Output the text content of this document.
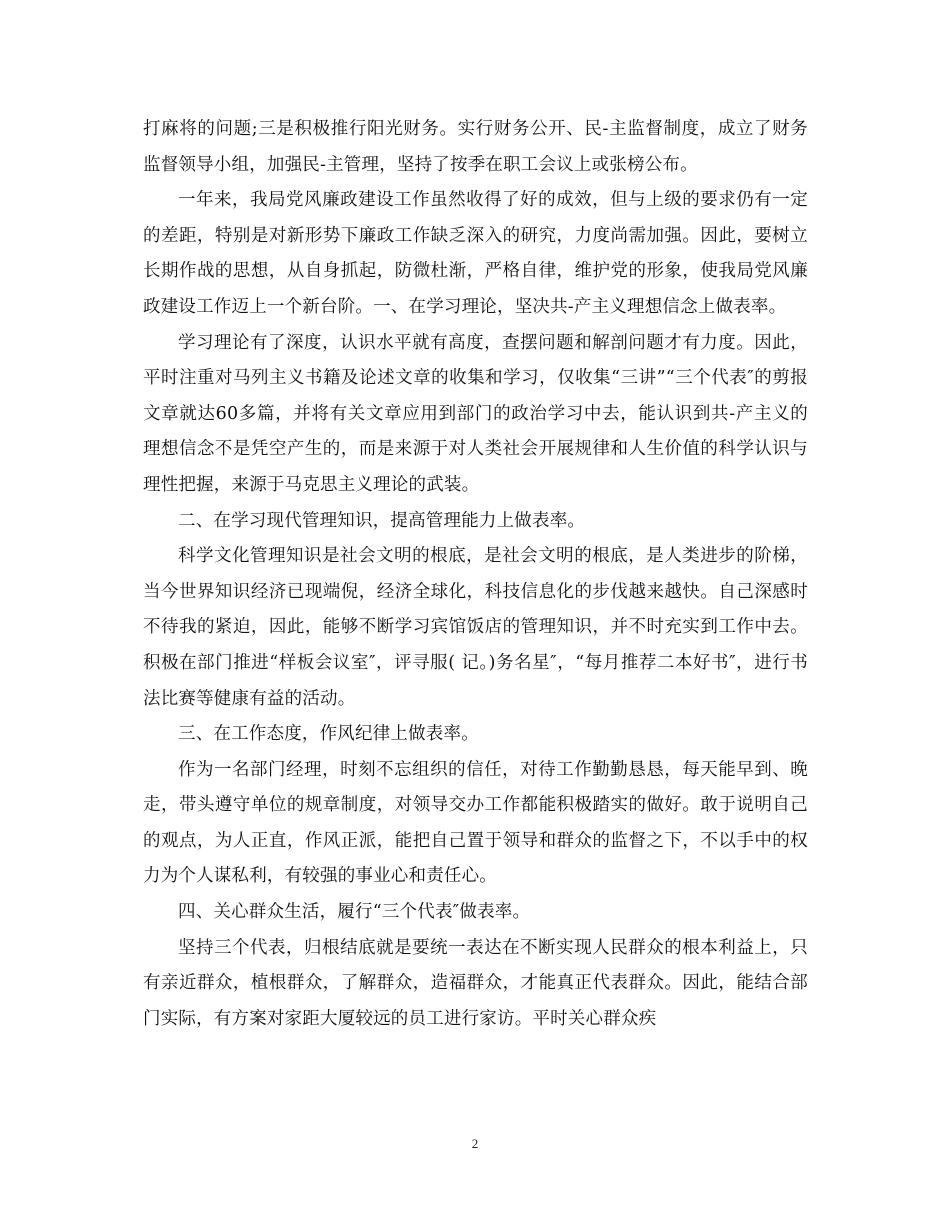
打麻将的问题;三是积极推行阳光财务。实行财务公开、民-主监督制度，成立了财务监督领导小组，加强民-主管理，坚持了按季在职工会议上或张榜公布。

一年来，我局党风廉政建设工作虽然收得了好的成效，但与上级的要求仍有一定的差距，特别是对新形势下廉政工作缺乏深入的研究，力度尚需加强。因此，要树立长期作战的思想，从自身抓起，防微杜渐，严格自律，维护党的形象，使我局党风廉政建设工作迈上一个新台阶。一、在学习理论，坚决共-产主义理想信念上做表率。

学习理论有了深度，认识水平就有高度，查摆问题和解剖问题才有力度。因此，平时注重对马列主义书籍及论述文章的收集和学习，仅收集“三讲”“三个代表″的剪报文章就达60多篇，并将有关文章应用到部门的政治学习中去，能认识到共-产主义的理想信念不是凭空产生的，而是来源于对人类社会开展规律和人生价值的科学认识与理性把握，来源于马克思主义理论的武装。

二、在学习现代管理知识，提高管理能力上做表率。

科学文化管理知识是社会文明的根底，是社会文明的根底，是人类进步的阶梯，当今世界知识经济已现端倪，经济全球化，科技信息化的步伐越来越快。自己深感时不待我的紧迫，因此，能够不断学习宾馆饭店的管理知识，并不时充实到工作中去。积极在部门推进“样板会议室″，评寻服( 记。)务名星″，“每月推荐二本好书″，进行书法比赛等健康有益的活动。

三、在工作态度，作风纪律上做表率。

作为一名部门经理，时刻不忘组织的信任，对待工作勤勤恳恳，每天能早到、晚走，带头遵守单位的规章制度，对领导交办工作都能积极踏实的做好。敢于说明自己的观点，为人正直，作风正派，能把自己置于领导和群众的监督之下，不以手中的权力为个人谋私利，有较强的事业心和责任心。

四、关心群众生活，履行“三个代表″做表率。

坚持三个代表，归根结底就是要统一表达在不断实现人民群众的根本利益上，只有亲近群众，植根群众，了解群众，造福群众，才能真正代表群众。因此，能结合部门实际，有方案对家距大厦较远的员工进行家访。平时关心群众疾

2
